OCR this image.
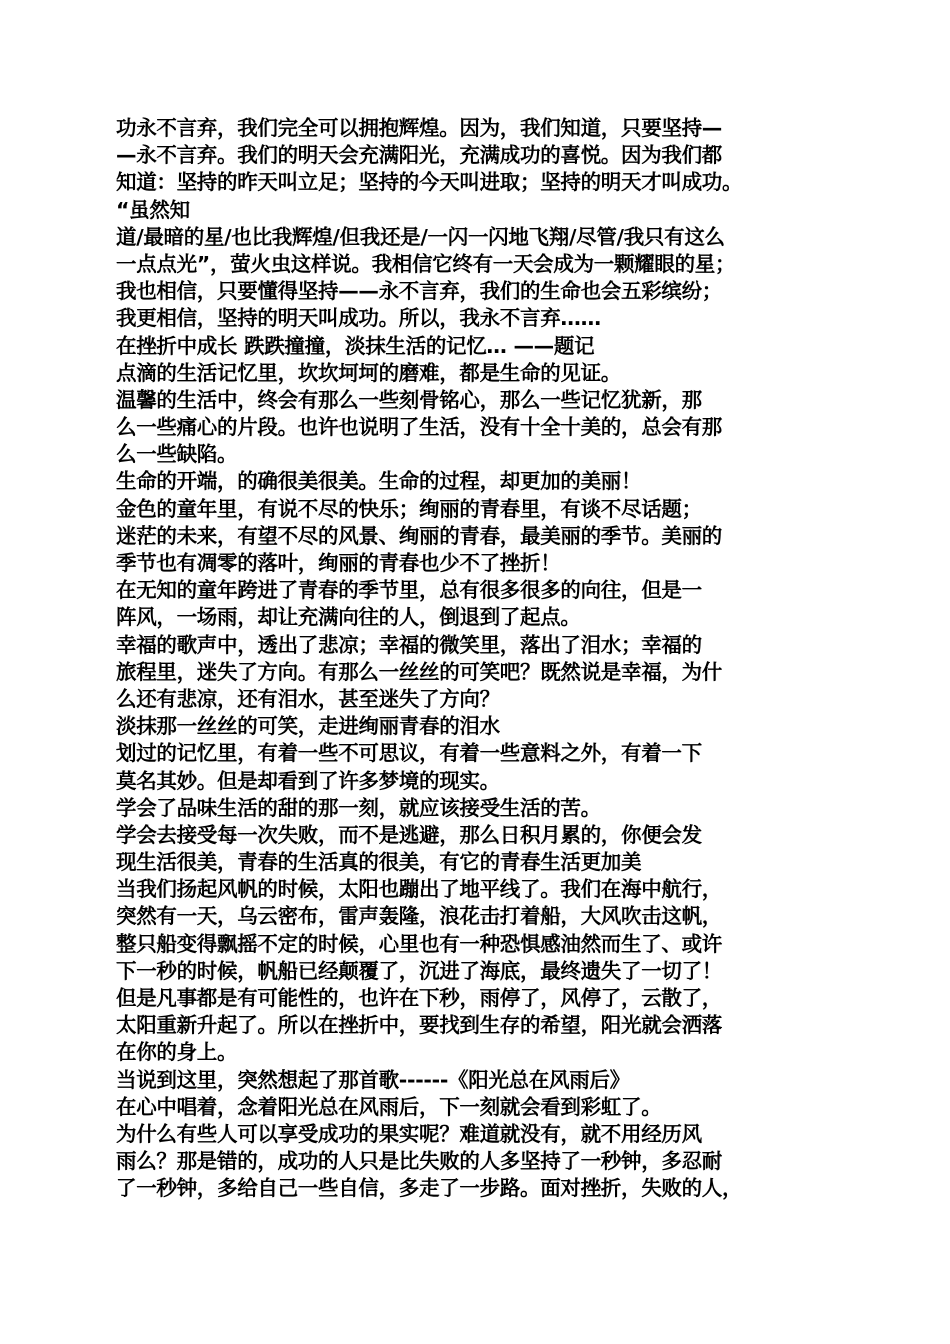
功永不言弃，我们完全可以拥抱辉煌。因为，我们知道，只要坚持—
—永不言弃。我们的明天会充满阳光，充满成功的喜悦。因为我们都
知道：坚持的昨天叫立足；坚持的今天叫进取；坚持的明天才叫成功。
“虽然知
道/最暗的星/也比我辉煌/但我还是/一闪一闪地飞翔/尽管/我只有这么
一点点光”，萤火虫这样说。我相信它终有一天会成为一颗耀眼的星；
我也相信，只要懂得坚持——永不言弃，我们的生命也会五彩缤纷；
我更相信，坚持的明天叫成功。所以，我永不言弃……
在挫折中成长 跌跌撞撞，淡抹生活的记忆… ——题记
点滴的生活记忆里，坎坎坷坷的磨难，都是生命的见证。
温馨的生活中，终会有那么一些刻骨铭心，那么一些记忆犹新，那
么一些痛心的片段。也许也说明了生活，没有十全十美的，总会有那
么一些缺陷。
生命的开端，的确很美很美。生命的过程，却更加的美丽！
金色的童年里，有说不尽的快乐；绚丽的青春里，有谈不尽话题；
迷茫的未来，有望不尽的风景、绚丽的青春，最美丽的季节。美丽的
季节也有凋零的落叶，绚丽的青春也少不了挫折！
在无知的童年跨进了青春的季节里，总有很多很多的向往，但是一
阵风，一场雨，却让充满向往的人，倒退到了起点。
幸福的歌声中，透出了悲凉；幸福的微笑里，落出了泪水；幸福的
旅程里，迷失了方向。有那么一丝丝的可笑吧？既然说是幸福，为什
么还有悲凉，还有泪水，甚至迷失了方向？
淡抹那一丝丝的可笑，走进绚丽青春的泪水
划过的记忆里，有着一些不可思议，有着一些意料之外，有着一下
莫名其妙。但是却看到了许多梦境的现实。
学会了品味生活的甜的那一刻，就应该接受生活的苦。
学会去接受每一次失败，而不是逃避，那么日积月累的，你便会发
现生活很美，青春的生活真的很美，有它的青春生活更加美
当我们扬起风帆的时候，太阳也蹦出了地平线了。我们在海中航行，
突然有一天，乌云密布，雷声轰隆，浪花击打着船，大风吹击这帆，
整只船变得飘摇不定的时候，心里也有一种恐惧感油然而生了、或许
下一秒的时候，帆船已经颠覆了，沉进了海底，最终遗失了一切了！
但是凡事都是有可能性的，也许在下秒，雨停了，风停了，云散了，
太阳重新升起了。所以在挫折中，要找到生存的希望，阳光就会洒落
在你的身上。
当说到这里，突然想起了那首歌------《阳光总在风雨后》
在心中唱着，念着阳光总在风雨后，下一刻就会看到彩虹了。
为什么有些人可以享受成功的果实呢？难道就没有，就不用经历风
雨么？那是错的，成功的人只是比失败的人多坚持了一秒钟，多忍耐
了一秒钟，多给自己一些自信，多走了一步路。面对挫折，失败的人，
